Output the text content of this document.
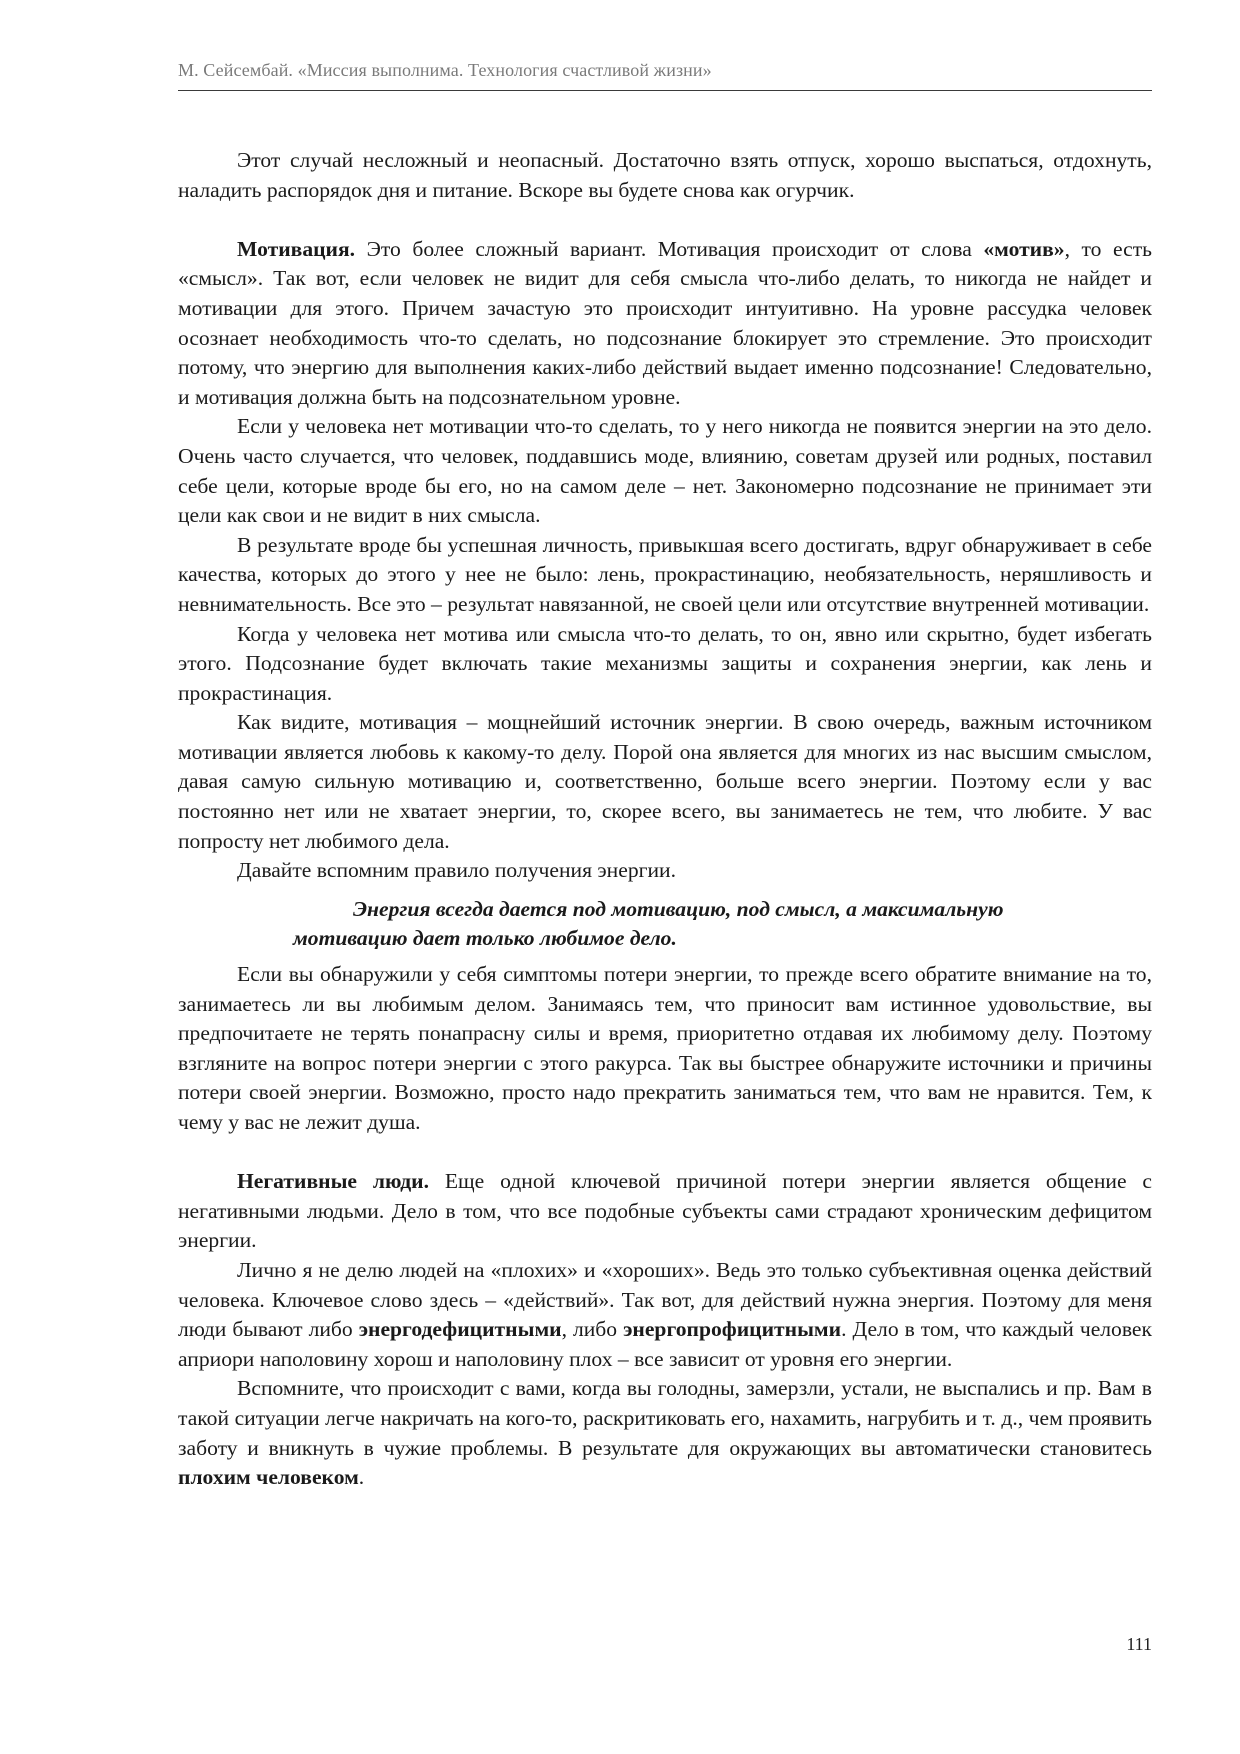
М. Сейсембай. «Миссия выполнима. Технология счастливой жизни»

Этот случай несложный и неопасный. Достаточно взять отпуск, хорошо выспаться, отдохнуть, наладить распорядок дня и питание. Вскоре вы будете снова как огурчик.

Мотивация. Это более сложный вариант. Мотивация происходит от слова «мотив», то есть «смысл». Так вот, если человек не видит для себя смысла что-либо делать, то никогда не найдет и мотивации для этого. Причем зачастую это происходит интуитивно. На уровне рассудка человек осознает необходимость что-то сделать, но подсознание блокирует это стремление. Это происходит потому, что энергию для выполнения каких-либо действий выдает именно подсознание! Следовательно, и мотивация должна быть на подсознательном уровне.

Если у человека нет мотивации что-то сделать, то у него никогда не появится энергии на это дело. Очень часто случается, что человек, поддавшись моде, влиянию, советам друзей или родных, поставил себе цели, которые вроде бы его, но на самом деле – нет. Закономерно подсознание не принимает эти цели как свои и не видит в них смысла.

В результате вроде бы успешная личность, привыкшая всего достигать, вдруг обнаруживает в себе качества, которых до этого у нее не было: лень, прокрастинацию, необязательность, неряшливость и невнимательность. Все это – результат навязанной, не своей цели или отсутствие внутренней мотивации.

Когда у человека нет мотива или смысла что-то делать, то он, явно или скрытно, будет избегать этого. Подсознание будет включать такие механизмы защиты и сохранения энергии, как лень и прокрастинация.

Как видите, мотивация – мощнейший источник энергии. В свою очередь, важным источником мотивации является любовь к какому-то делу. Порой она является для многих из нас высшим смыслом, давая самую сильную мотивацию и, соответственно, больше всего энергии. Поэтому если у вас постоянно нет или не хватает энергии, то, скорее всего, вы занимаетесь не тем, что любите. У вас попросту нет любимого дела.

Давайте вспомним правило получения энергии.

Энергия всегда дается под мотивацию, под смысл, а максимальную
мотивацию дает только любимое дело.

Если вы обнаружили у себя симптомы потери энергии, то прежде всего обратите внимание на то, занимаетесь ли вы любимым делом. Занимаясь тем, что приносит вам истинное удовольствие, вы предпочитаете не терять понапрасну силы и время, приоритетно отдавая их любимому делу. Поэтому взгляните на вопрос потери энергии с этого ракурса. Так вы быстрее обнаружите источники и причины потери своей энергии. Возможно, просто надо прекратить заниматься тем, что вам не нравится. Тем, к чему у вас не лежит душа.

Негативные люди. Еще одной ключевой причиной потери энергии является общение с негативными людьми. Дело в том, что все подобные субъекты сами страдают хроническим дефицитом энергии.

Лично я не делю людей на «плохих» и «хороших». Ведь это только субъективная оценка действий человека. Ключевое слово здесь – «действий». Так вот, для действий нужна энергия. Поэтому для меня люди бывают либо энергодефицитными, либо энергопрофицитными. Дело в том, что каждый человек априори наполовину хорош и наполовину плох – все зависит от уровня его энергии.

Вспомните, что происходит с вами, когда вы голодны, замерзли, устали, не выспались и пр. Вам в такой ситуации легче накричать на кого-то, раскритиковать его, нахамить, нагрубить и т. д., чем проявить заботу и вникнуть в чужие проблемы. В результате для окружающих вы автоматически становитесь плохим человеком.

111
